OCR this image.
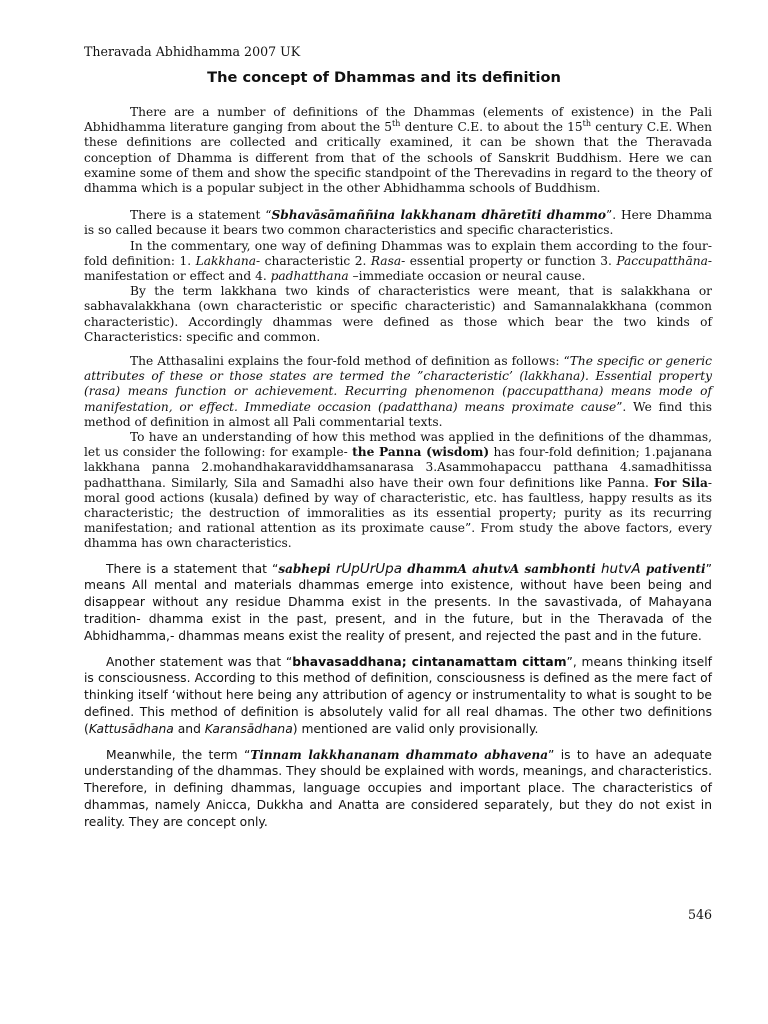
Theravada Abhidhamma 2007 UK
The concept of Dhammas and its definition

There are a number of definitions of the Dhammas (elements of existence) in the Pali Abhidhamma literature ganging from about the 5th denture C.E. to about the 15th century C.E. When these definitions are collected and critically examined, it can be shown that the Theravada conception of Dhamma is different from that of the schools of Sanskrit Buddhism. Here we can examine some of them and show the specific standpoint of the Therevadins in regard to the theory of dhamma which is a popular subject in the other Abhidhamma schools of Buddhism.

There is a statement “Sbhavāsāmaññina lakkhanam dhāretīti dhammo”. Here Dhamma is so called because it bears two common characteristics and specific characteristics.

In the commentary, one way of defining Dhammas was to explain them according to the four-fold definition: 1. Lakkhana- characteristic 2. Rasa- essential property or function 3. Paccupatthāna- manifestation or effect and 4. padhatthana –immediate occasion or neural cause.

By the term lakkhana two kinds of characteristics were meant, that is salakkhana or sabhavalakkhana (own characteristic or specific characteristic) and Samannalakkhana (common characteristic). Accordingly dhammas were defined as those which bear the two kinds of Characteristics: specific and common.

The Atthasalini explains the four-fold method of definition as follows: “The specific or generic attributes of these or those states are termed the ”characteristic’ (lakkhana). Essential property (rasa) means function or achievement. Recurring phenomenon (paccupatthana) means mode of manifestation, or effect. Immediate occasion (padatthana) means proximate cause”. We find this method of definition in almost all Pali commentarial texts.

To have an understanding of how this method was applied in the definitions of the dhammas, let us consider the following: for example- the Panna (wisdom) has four-fold definition; 1.pajanana lakkhana panna 2.mohandhakaraviddhamsanarasa 3.Asammohapaccu patthana 4.samadhitissa padhatthana. Similarly, Sila and Samadhi also have their own four definitions like Panna. For Sila- moral good actions (kusala) defined by way of characteristic, etc. has faultless, happy results as its characteristic; the destruction of immoralities as its essential property; purity as its recurring manifestation; and rational attention as its proximate cause”. From study the above factors, every dhamma has own characteristics.

There is a statement that “sabhepi rUpUrUpa dhammA ahutvA sambhonti hutvA pativenti” means All mental and materials dhammas emerge into existence, without have been being and disappear without any residue Dhamma exist in the presents. In the savastivada, of Mahayana tradition- dhamma exist in the past, present, and in the future, but in the Theravada of the Abhidhamma,- dhammas means exist the reality of present, and rejected the past and in the future.

Another statement was that “bhavasaddhana; cintanamattam cittam”, means thinking itself is consciousness. According to this method of definition, consciousness is defined as the mere fact of thinking itself ‘without here being any attribution of agency or instrumentality to what is sought to be defined. This method of definition is absolutely valid for all real dhamas. The other two definitions (Kattusādhana and Karansādhana) mentioned are valid only provisionally.

Meanwhile, the term “Tinnam lakkhananam dhammato abhavena” is to have an adequate understanding of the dhammas. They should be explained with words, meanings, and characteristics. Therefore, in defining dhammas, language occupies and important place. The characteristics of dhammas, namely Anicca, Dukkha and Anatta are considered separately, but they do not exist in reality. They are concept only.

546
